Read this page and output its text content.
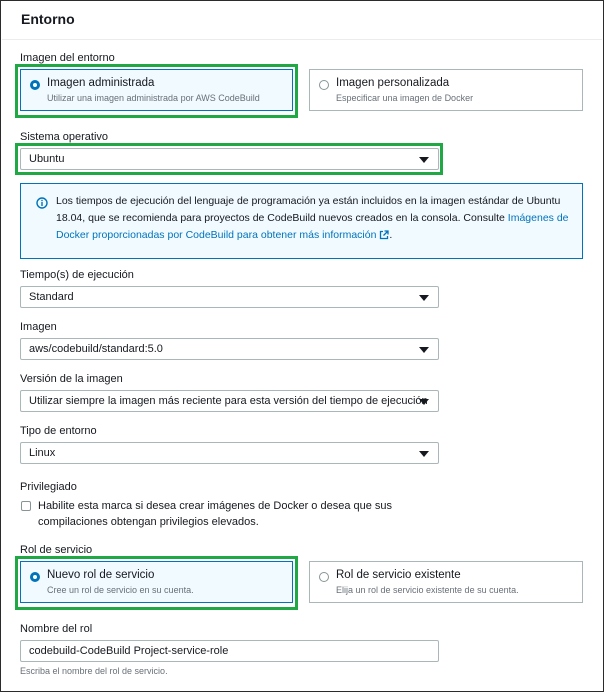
Entorno
Imagen del entorno
Imagen administrada
Utilizar una imagen administrada por AWS CodeBuild
Imagen personalizada
Especificar una imagen de Docker
Sistema operativo
Ubuntu
Los tiempos de ejecución del lenguaje de programación ya están incluidos en la imagen estándar de Ubuntu 18.04, que se recomienda para proyectos de CodeBuild nuevos creados en la consola. Consulte Imágenes de Docker proporcionadas por CodeBuild para obtener más información .
Tiempo(s) de ejecución
Standard
Imagen
aws/codebuild/standard:5.0
Versión de la imagen
Utilizar siempre la imagen más reciente para esta versión del tiempo de ejecución
Tipo de entorno
Linux
Privilegiado
Habilite esta marca si desea crear imágenes de Docker o desea que sus compilaciones obtengan privilegios elevados.
Rol de servicio
Nuevo rol de servicio
Cree un rol de servicio en su cuenta.
Rol de servicio existente
Elija un rol de servicio existente de su cuenta.
Nombre del rol
codebuild-CodeBuild Project-service-role
Escriba el nombre del rol de servicio.
